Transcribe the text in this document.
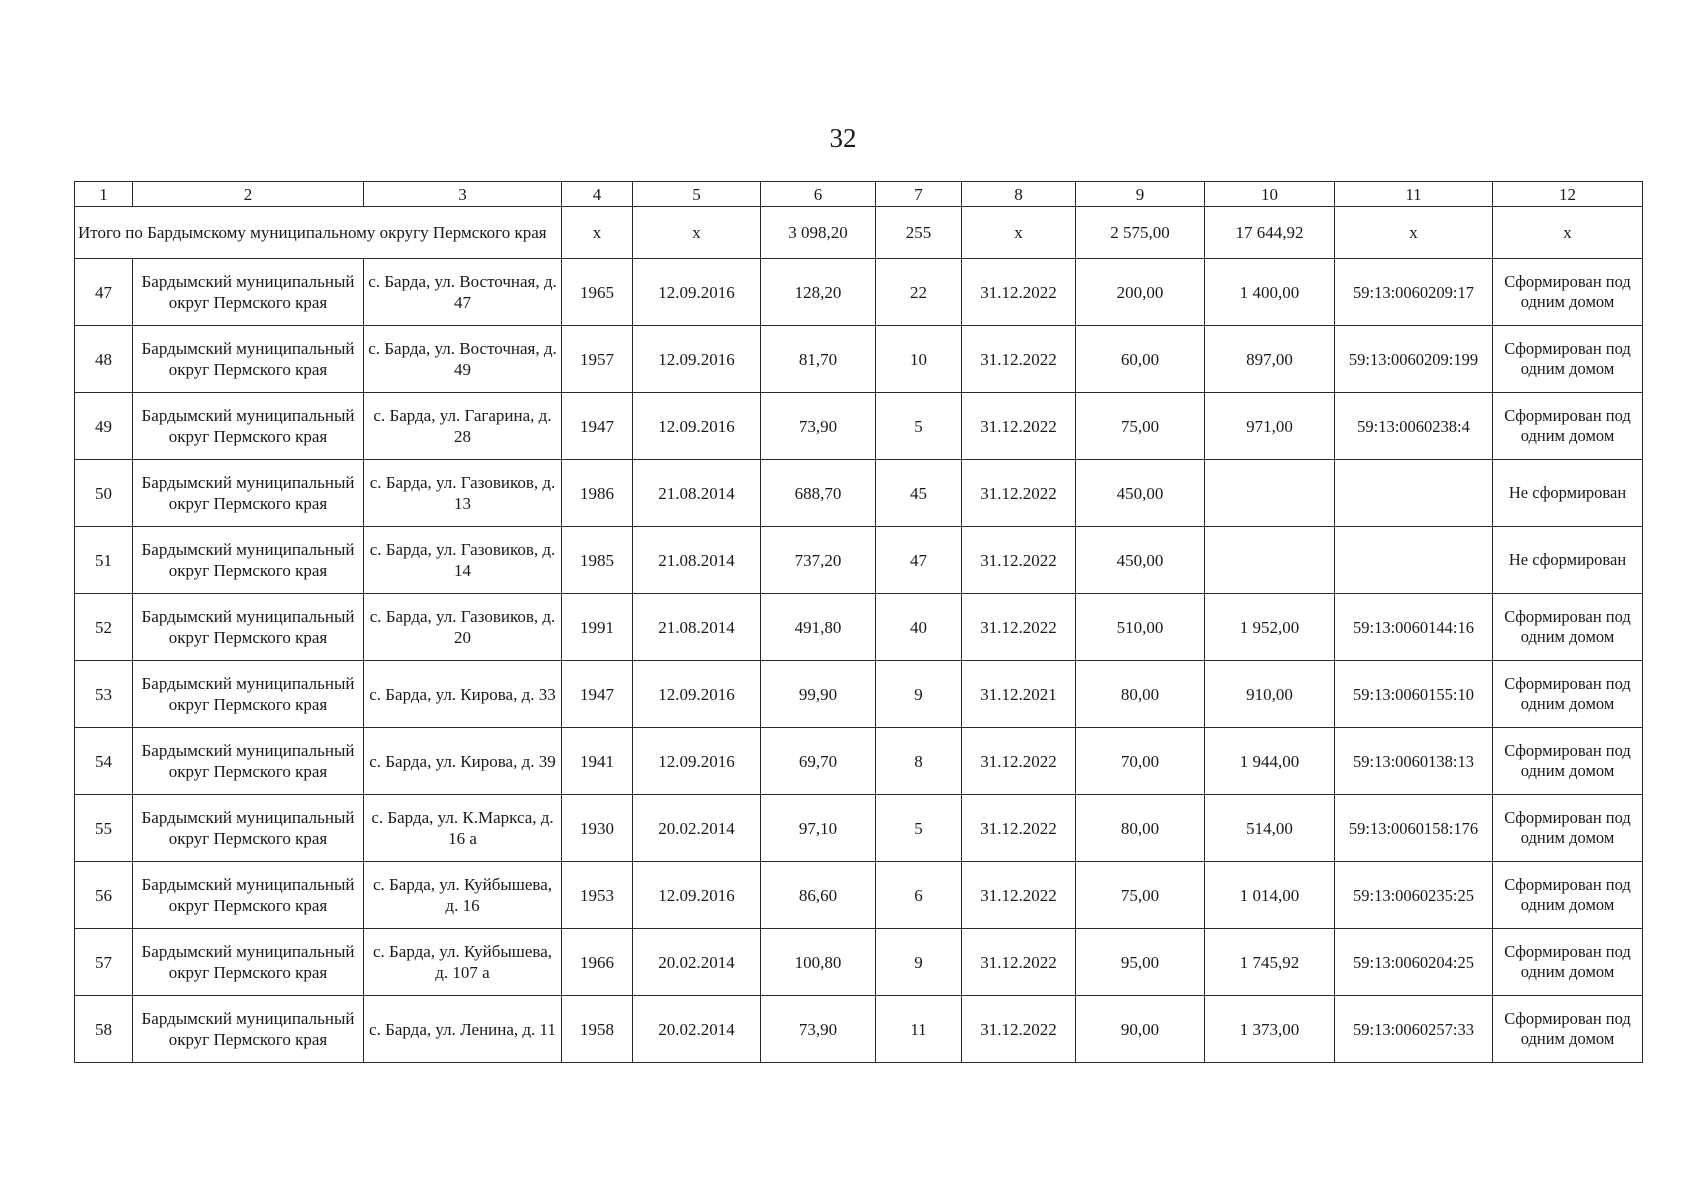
32
1	2	3	4	5	6	7	8	9	10	11	12
Итого по Бардымскому муниципальному округу Пермского края			x	x	3 098,20	255	x	2 575,00	17 644,92	x	x
47	Бардымский муниципальный округ Пермского края	с. Барда, ул. Восточная, д. 47	1965	12.09.2016	128,20	22	31.12.2022	200,00	1 400,00	59:13:0060209:17	Сформирован под одним домом
48	Бардымский муниципальный округ Пермского края	с. Барда, ул. Восточная, д. 49	1957	12.09.2016	81,70	10	31.12.2022	60,00	897,00	59:13:0060209:199	Сформирован под одним домом
49	Бардымский муниципальный округ Пермского края	с. Барда, ул. Гагарина, д. 28	1947	12.09.2016	73,90	5	31.12.2022	75,00	971,00	59:13:0060238:4	Сформирован под одним домом
50	Бардымский муниципальный округ Пермского края	с. Барда, ул. Газовиков, д. 13	1986	21.08.2014	688,70	45	31.12.2022	450,00			Не сформирован
51	Бардымский муниципальный округ Пермского края	с. Барда, ул. Газовиков, д. 14	1985	21.08.2014	737,20	47	31.12.2022	450,00			Не сформирован
52	Бардымский муниципальный округ Пермского края	с. Барда, ул. Газовиков, д. 20	1991	21.08.2014	491,80	40	31.12.2022	510,00	1 952,00	59:13:0060144:16	Сформирован под одним домом
53	Бардымский муниципальный округ Пермского края	с. Барда, ул. Кирова, д. 33	1947	12.09.2016	99,90	9	31.12.2021	80,00	910,00	59:13:0060155:10	Сформирован под одним домом
54	Бардымский муниципальный округ Пермского края	с. Барда, ул. Кирова, д. 39	1941	12.09.2016	69,70	8	31.12.2022	70,00	1 944,00	59:13:0060138:13	Сформирован под одним домом
55	Бардымский муниципальный округ Пермского края	с. Барда, ул. К.Маркса, д. 16 а	1930	20.02.2014	97,10	5	31.12.2022	80,00	514,00	59:13:0060158:176	Сформирован под одним домом
56	Бардымский муниципальный округ Пермского края	с. Барда, ул. Куйбышева, д. 16	1953	12.09.2016	86,60	6	31.12.2022	75,00	1 014,00	59:13:0060235:25	Сформирован под одним домом
57	Бардымский муниципальный округ Пермского края	с. Барда, ул. Куйбышева, д. 107 а	1966	20.02.2014	100,80	9	31.12.2022	95,00	1 745,92	59:13:0060204:25	Сформирован под одним домом
58	Бардымский муниципальный округ Пермского края	с. Барда, ул. Ленина, д. 11	1958	20.02.2014	73,90	11	31.12.2022	90,00	1 373,00	59:13:0060257:33	Сформирован под одним домом
